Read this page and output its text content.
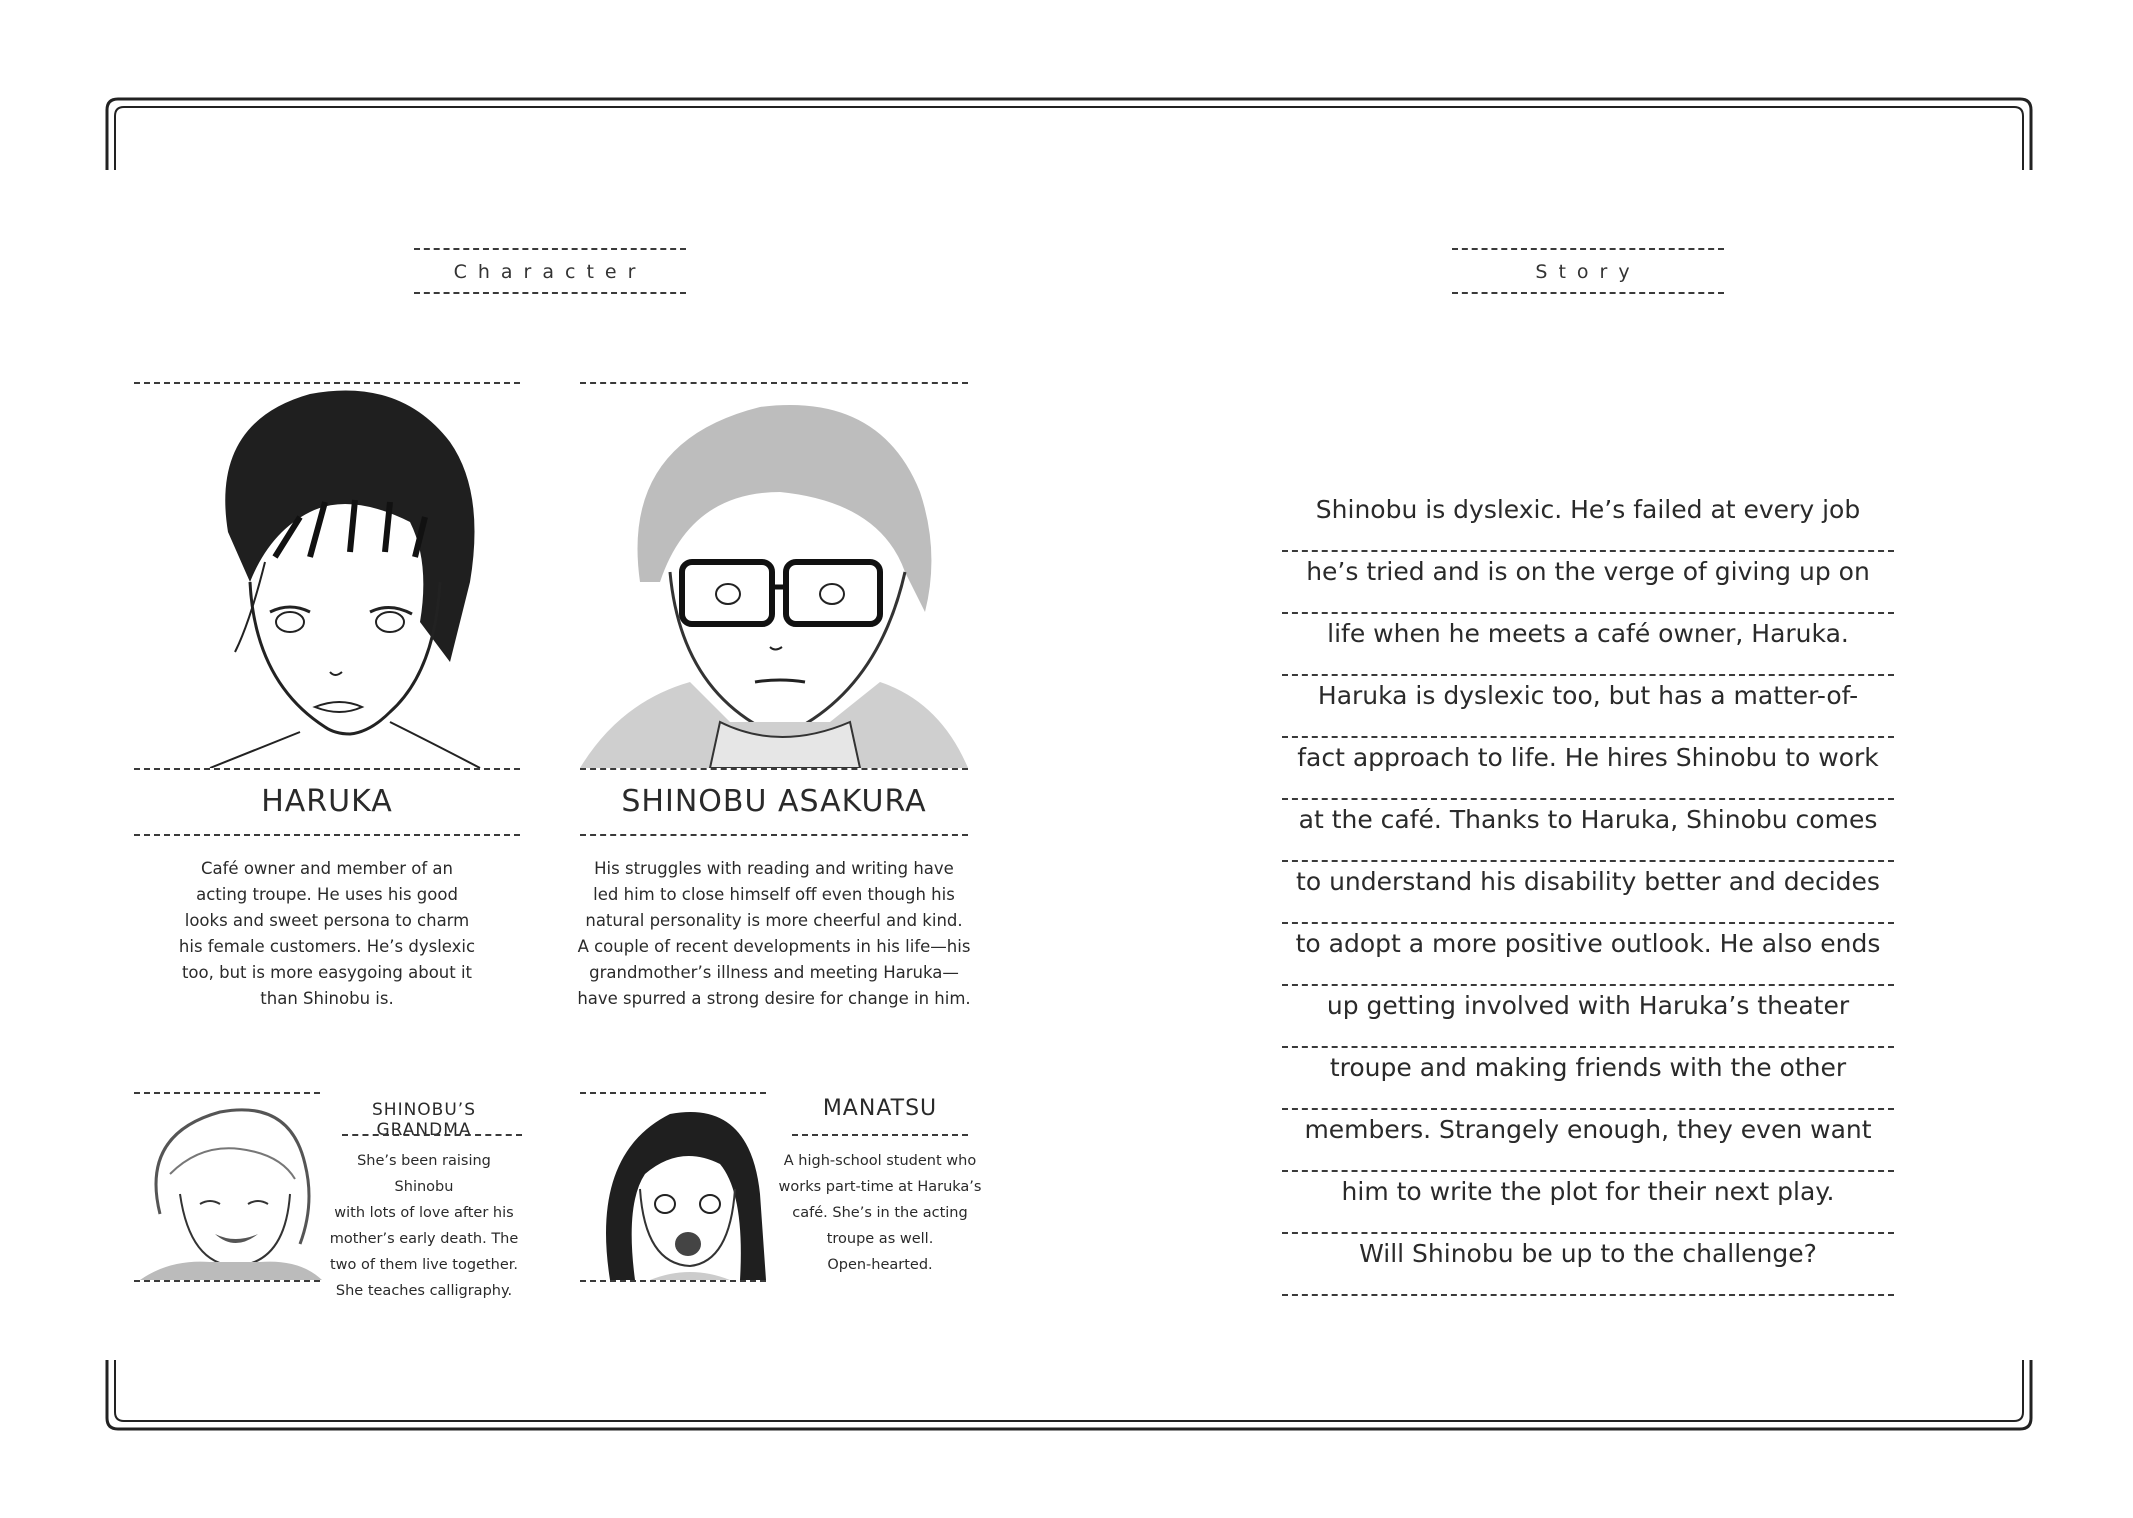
Character	Story
HARUKA
Café owner and member of an
acting troupe. He uses his good
looks and sweet persona to charm
his female customers. He’s dyslexic
too, but is more easygoing about it
than Shinobu is.
SHINOBU ASAKURA
His struggles with reading and writing have
led him to close himself off even though his
natural personality is more cheerful and kind.
A couple of recent developments in his life—his
grandmother’s illness and meeting Haruka—
have spurred a strong desire for change in him.
SHINOBU’S GRANDMA
She’s been raising Shinobu
with lots of love after his
mother’s early death. The
two of them live together.
She teaches calligraphy.
MANATSU
A high-school student who
works part-time at Haruka’s
café. She’s in the acting
troupe as well.
Open-hearted.
Shinobu is dyslexic. He’s failed at every job
he’s tried and is on the verge of giving up on
life when he meets a café owner, Haruka.
Haruka is dyslexic too, but has a matter-of-
fact approach to life. He hires Shinobu to work
at the café. Thanks to Haruka, Shinobu comes
to understand his disability better and decides
to adopt a more positive outlook. He also ends
up getting involved with Haruka’s theater
troupe and making friends with the other
members. Strangely enough, they even want
him to write the plot for their next play.
Will Shinobu be up to the challenge?
